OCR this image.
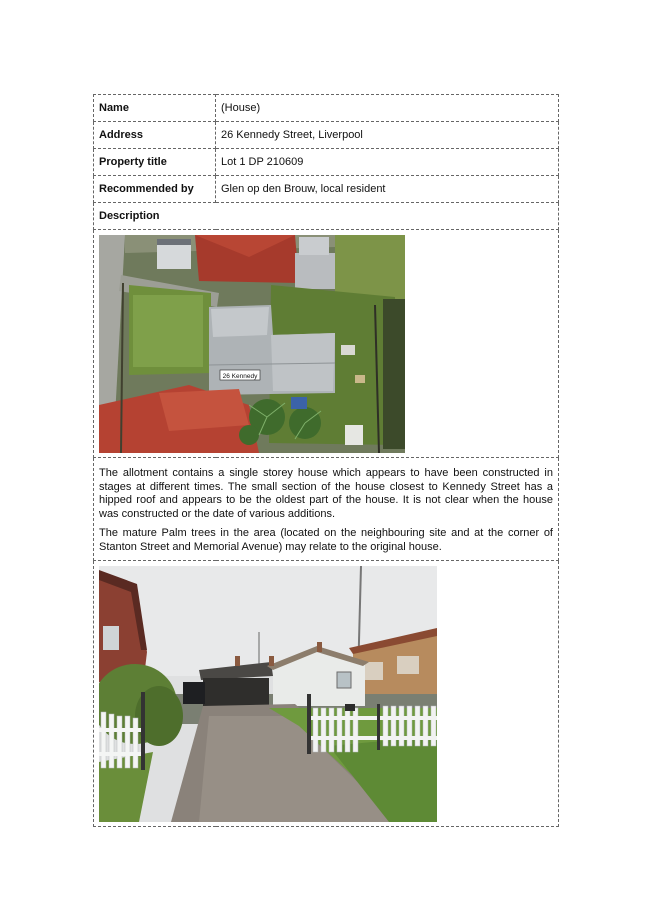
Name	(House)
Address	26 Kennedy Street, Liverpool
Property title	Lot 1 DP 210609
Recommended by	Glen op den Brouw, local resident
Description	

26 Kennedy	

The allotment contains a single storey house which appears to have been constructed in stages at different times. The small section of the house closest to Kennedy Street has a hipped roof and appears to be the oldest part of the house. It is not clear when the house was constructed or the date of various additions.

The mature Palm trees in the area (located on the neighbouring site and at the corner of Stanton Street and Memorial Avenue) may relate to the original house.	
